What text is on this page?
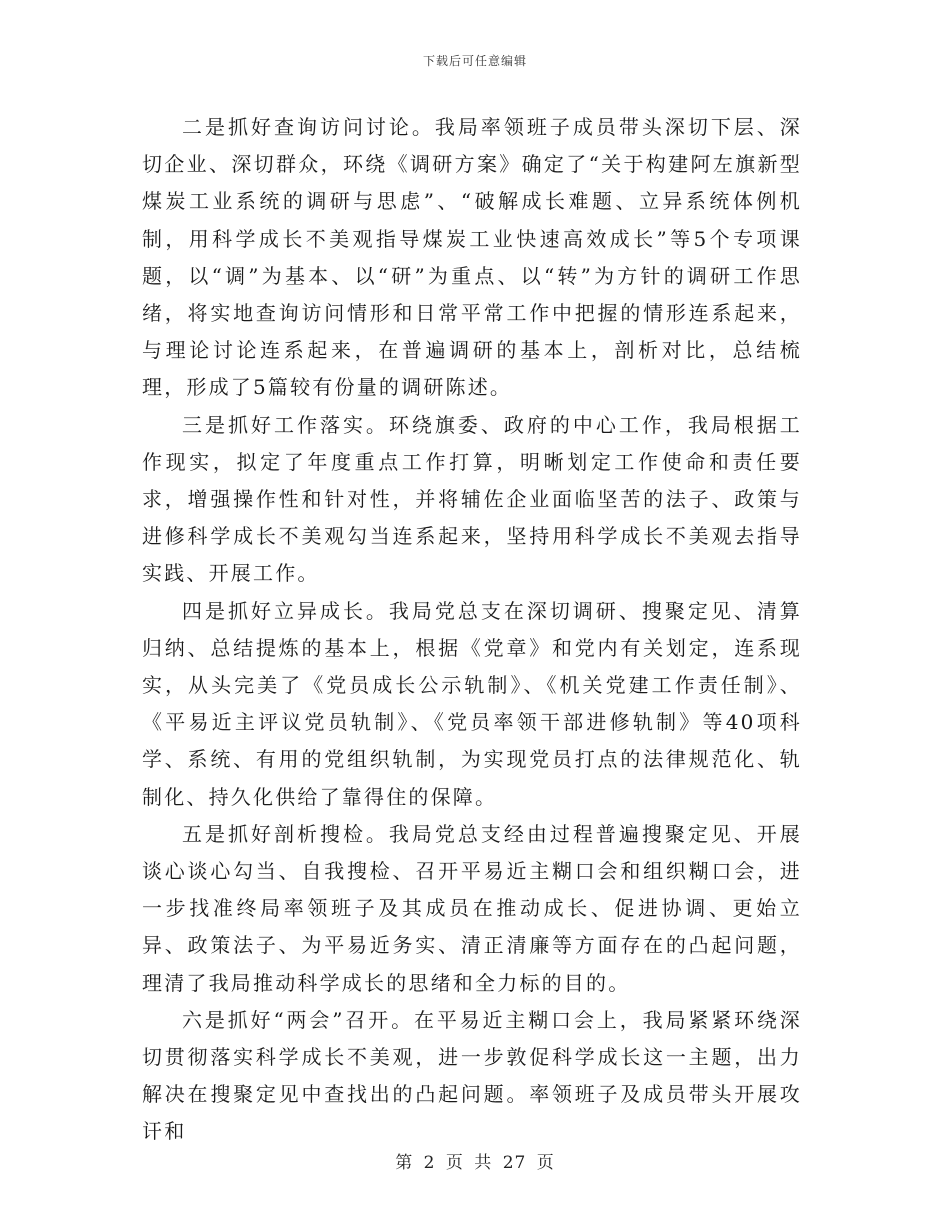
下载后可任意编辑

二是抓好查询访问讨论。我局率领班子成员带头深切下层、深切企业、深切群众，环绕《调研方案》确定了“关于构建阿左旗新型煤炭工业系统的调研与思虑”、“破解成长难题、立异系统体例机制，用科学成长不美观指导煤炭工业快速高效成长”等5个专项课题，以“调”为基本、以“研”为重点、以“转”为方针的调研工作思绪，将实地查询访问情形和日常平常工作中把握的情形连系起来，与理论讨论连系起来，在普遍调研的基本上，剖析对比，总结梳理，形成了5篇较有份量的调研陈述。

三是抓好工作落实。环绕旗委、政府的中心工作，我局根据工作现实，拟定了年度重点工作打算，明晰划定工作使命和责任要求，增强操作性和针对性，并将辅佐企业面临坚苦的法子、政策与进修科学成长不美观勾当连系起来，坚持用科学成长不美观去指导实践、开展工作。

四是抓好立异成长。我局党总支在深切调研、搜聚定见、清算归纳、总结提炼的基本上，根据《党章》和党内有关划定，连系现实，从头完美了《党员成长公示轨制》、《机关党建工作责任制》、《平易近主评议党员轨制》、《党员率领干部进修轨制》等40项科学、系统、有用的党组织轨制，为实现党员打点的法律规范化、轨制化、持久化供给了靠得住的保障。

五是抓好剖析搜检。我局党总支经由过程普遍搜聚定见、开展谈心谈心勾当、自我搜检、召开平易近主糊口会和组织糊口会，进一步找准终局率领班子及其成员在推动成长、促进协调、更始立异、政策法子、为平易近务实、清正清廉等方面存在的凸起问题，理清了我局推动科学成长的思绪和全力标的目的。

六是抓好“两会”召开。在平易近主糊口会上，我局紧紧环绕深切贯彻落实科学成长不美观，进一步敦促科学成长这一主题，出力解决在搜聚定见中查找出的凸起问题。率领班子及成员带头开展攻讦和

第 2 页 共 27 页
